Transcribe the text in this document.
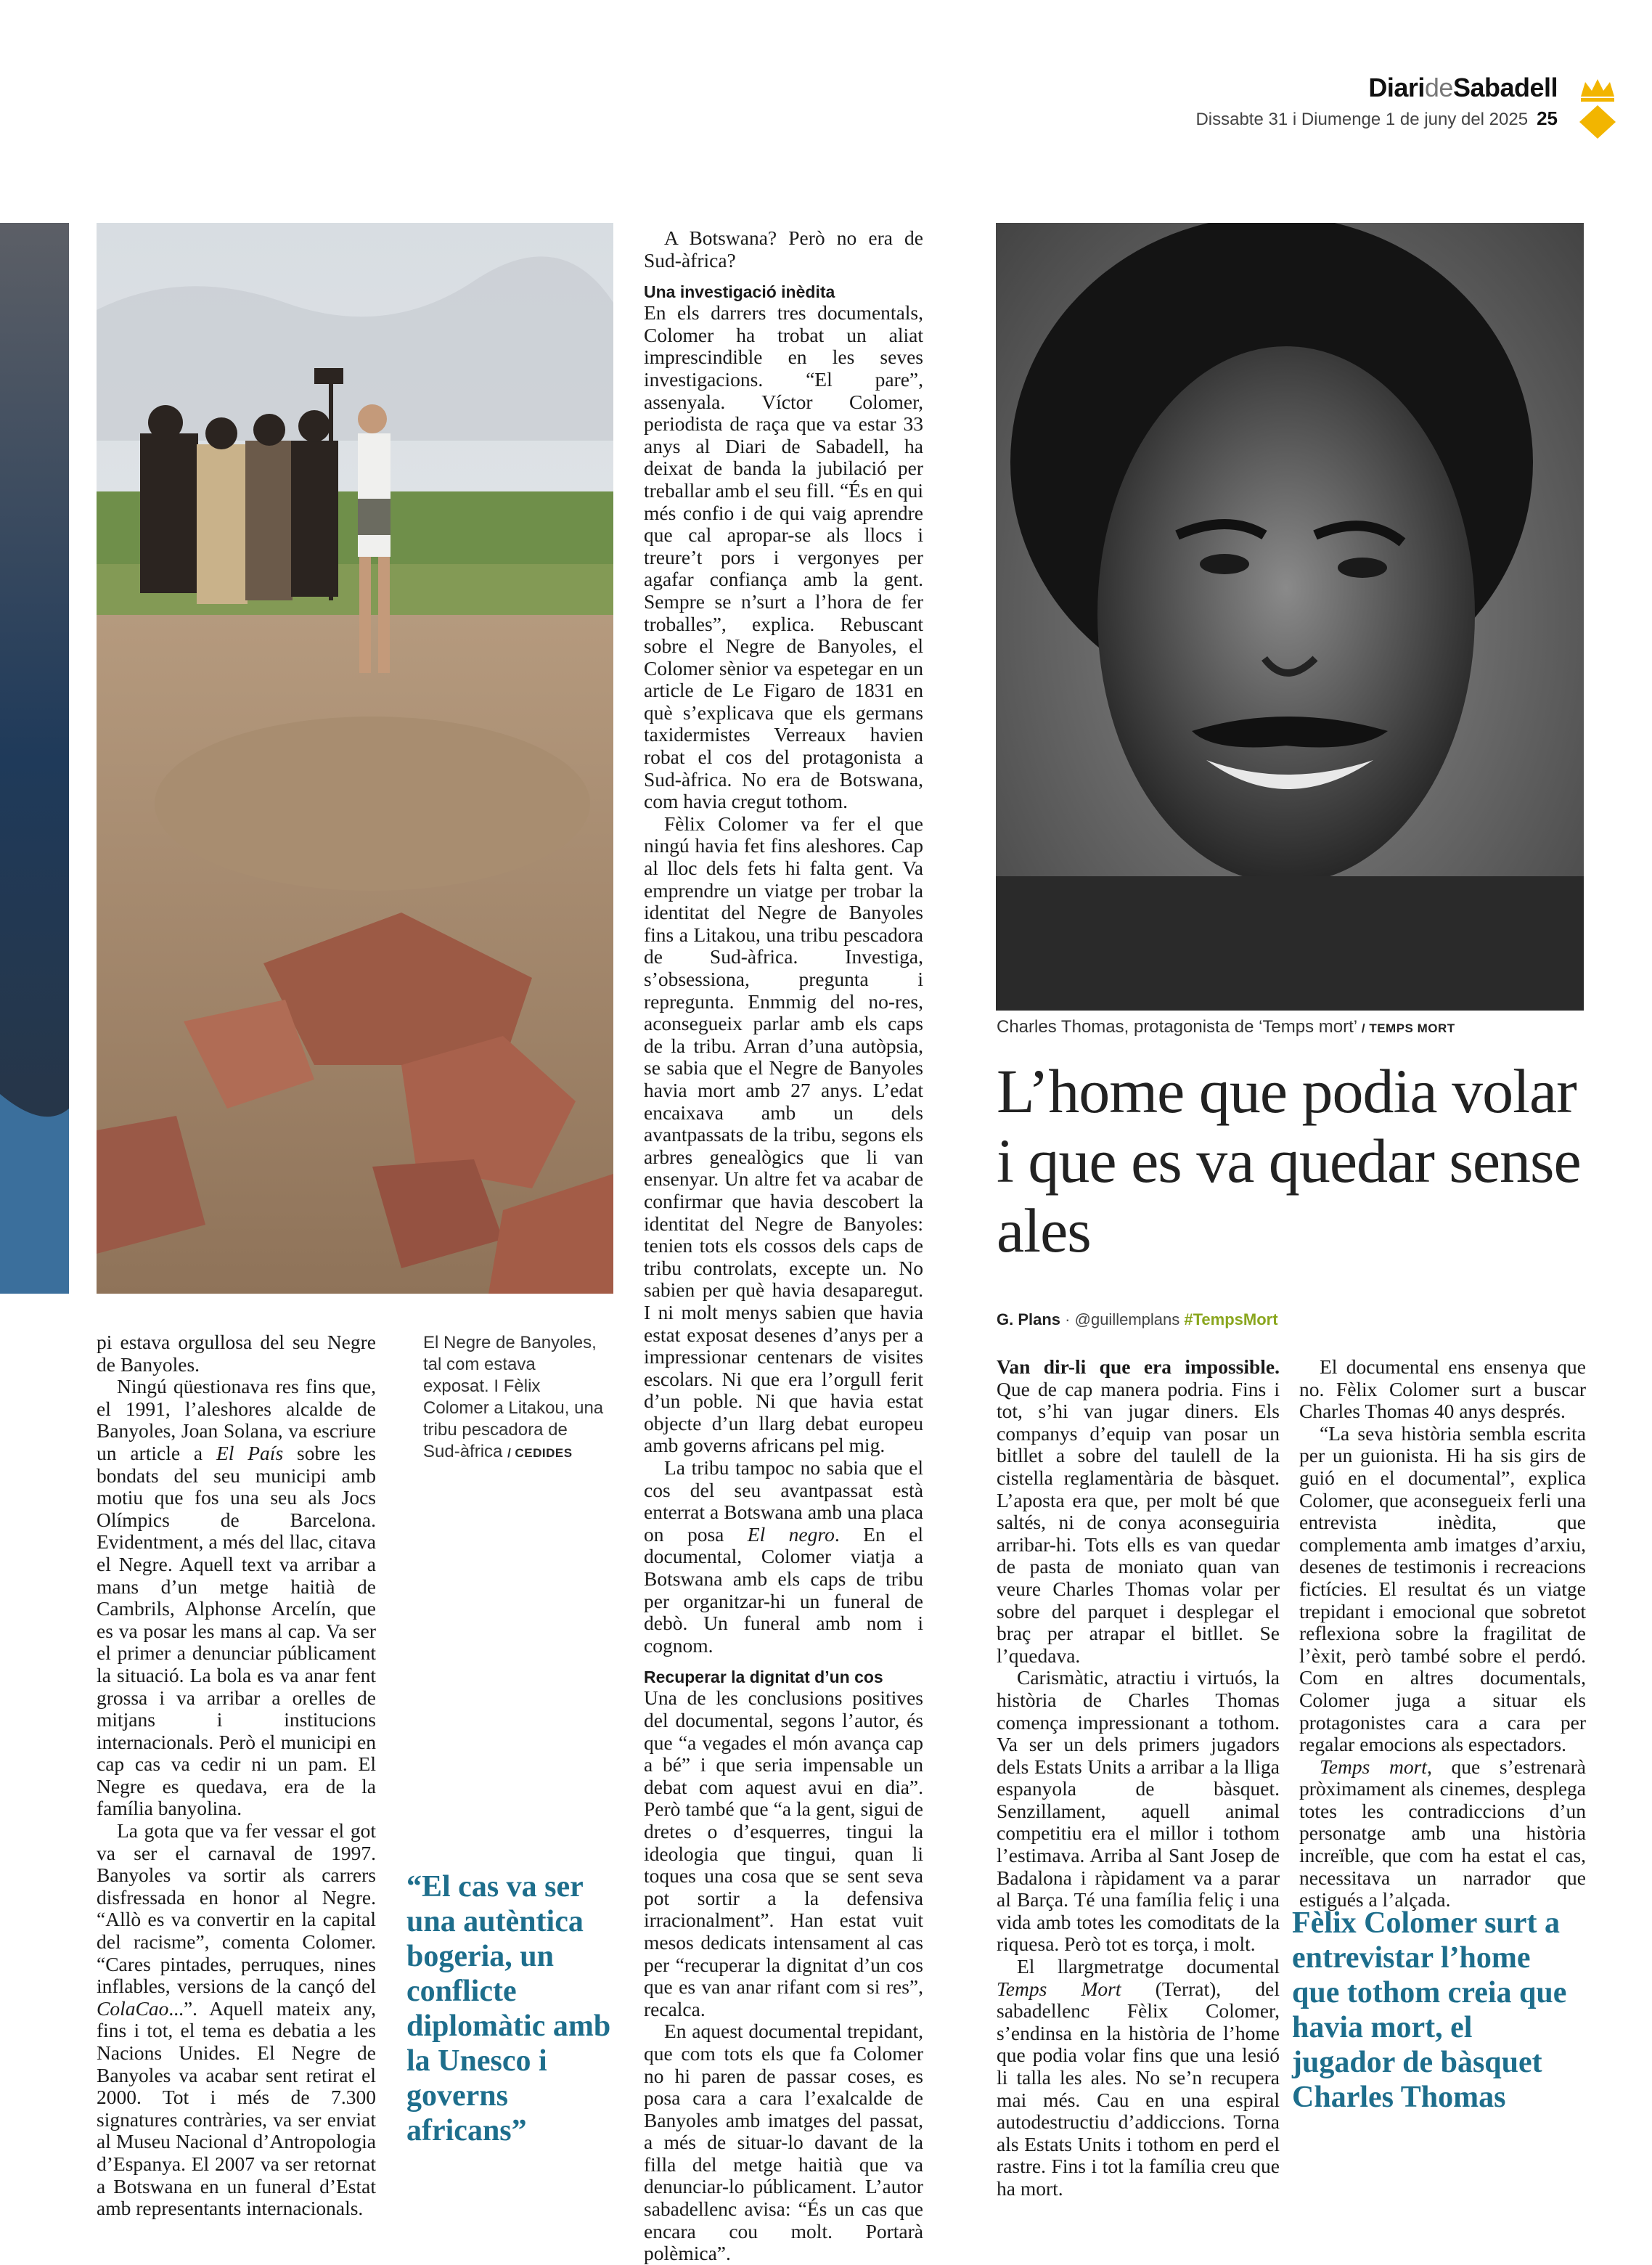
DiarideSabadell
Dissabte 31 i Diumenge 1 de juny del 2025 25
Charles Thomas, protagonista de ‘Temps mort’ / TEMPS MORT
El Negre de Banyoles, tal com estava exposat. I Fèlix Colomer a Litakou, una tribu pescadora de Sud-àfrica / CEDIDES

pi estava orgullosa del seu Negre de Banyoles.

Ningú qüestionava res fins que, el 1991, l’aleshores alcalde de Banyoles, Joan Solana, va escriure un article a El País sobre les bondats del seu municipi amb motiu que fos una seu als Jocs Olímpics de Barcelona. Evidentment, a més del llac, citava el Negre. Aquell text va arribar a mans d’un metge haitià de Cambrils, Alphonse Arcelín, que es va posar les mans al cap. Va ser el primer a denunciar públicament la situació. La bola es va anar fent grossa i va arribar a orelles de mitjans i institucions internacionals. Però el municipi en cap cas va cedir ni un pam. El Negre es quedava, era de la família banyolina.

La gota que va fer vessar el got va ser el carnaval de 1997. Banyoles va sortir als carrers disfressada en honor al Negre. “Allò es va convertir en la capital del racisme”, comenta Colomer. “Cares pintades, perruques, nines inflables, versions de la cançó del ColaCao...”. Aquell mateix any, fins i tot, el tema es debatia a les Nacions Unides. El Negre de Banyoles va acabar sent retirat el 2000. Tot i més de 7.300 signatures contràries, va ser enviat al Museu Nacional d’Antropologia d’Espanya. El 2007 va ser retornat a Botswana en un funeral d’Estat amb representants internacionals.

“El cas va ser una autèntica bogeria, un conflicte diplomàtic amb la Unesco i governs africans”

A Botswana? Però no era de Sud-àfrica?

Una investigació inèdita

En els darrers tres documentals, Colomer ha trobat un aliat imprescindible en les seves investigacions. “El pare”, assenyala. Víctor Colomer, periodista de raça que va estar 33 anys al Diari de Sabadell, ha deixat de banda la jubilació per treballar amb el seu fill. “És en qui més confio i de qui vaig aprendre que cal apropar-se als llocs i treure’t pors i vergonyes per agafar confiança amb la gent. Sempre se n’surt a l’hora de fer troballes”, explica. Rebuscant sobre el Negre de Banyoles, el Colomer sènior va espetegar en un article de Le Figaro de 1831 en què s’explicava que els germans taxidermistes Verreaux havien robat el cos del protagonista a Sud-àfrica. No era de Botswana, com havia cregut tothom.

Fèlix Colomer va fer el que ningú havia fet fins aleshores. Cap al lloc dels fets hi falta gent. Va emprendre un viatge per trobar la identitat del Negre de Banyoles fins a Litakou, una tribu pescadora de Sud-àfrica. Investiga, s’obsessiona, pregunta i repregunta. Enmmig del no-res, aconsegueix parlar amb els caps de la tribu. Arran d’una autòpsia, se sabia que el Negre de Banyoles havia mort amb 27 anys. L’edat encaixava amb un dels avantpassats de la tribu, segons els arbres genealògics que li van ensenyar. Un altre fet va acabar de confirmar que havia descobert la identitat del Negre de Banyoles: tenien tots els cossos dels caps de tribu controlats, excepte un. No sabien per què havia desaparegut. I ni molt menys sabien que havia estat exposat desenes d’anys per a impressionar centenars de visites escolars. Ni que era l’orgull ferit d’un poble. Ni que havia estat objecte d’un llarg debat europeu amb governs africans pel mig.

La tribu tampoc no sabia que el cos del seu avantpassat està enterrat a Botswana amb una placa on posa El negro. En el documental, Colomer viatja a Botswana amb els caps de tribu per organitzar-hi un funeral de debò. Un funeral amb nom i cognom.

Recuperar la dignitat d’un cos

Una de les conclusions positives del documental, segons l’autor, és que “a vegades el món avança cap a bé” i que seria impensable un debat com aquest avui en dia”. Però també que “a la gent, sigui de dretes o d’esquerres, tingui la ideologia que tingui, quan li toques una cosa que se sent seva pot sortir a la defensiva irracionalment”. Han estat vuit mesos dedicats intensament al cas per “recuperar la dignitat d’un cos que es van anar rifant com si res”, recalca.

En aquest documental trepidant, que com tots els que fa Colomer no hi paren de passar coses, es posa cara a cara l’exalcalde de Banyoles amb imatges del passat, a més de situar-lo davant de la filla del metge haitià que va denunciar-lo públicament. L’autor sabadellenc avisa: “És un cas que encara cou molt. Portarà polèmica”.

L’home que podia volar i que es va quedar sense ales
G. Plans · @guillemplans #TempsMort

Van dir-li que era impossible. Que de cap manera podria. Fins i tot, s’hi van jugar diners. Els companys d’equip van posar un bitllet a sobre del taulell de la cistella reglamentària de bàsquet. L’aposta era que, per molt bé que saltés, ni de conya aconseguiria arribar-hi. Tots ells es van quedar de pasta de moniato quan van veure Charles Thomas volar per sobre del parquet i desplegar el braç per atrapar el bitllet. Se l’quedava.

Carismàtic, atractiu i virtuós, la història de Charles Thomas comença impressionant a tothom. Va ser un dels primers jugadors dels Estats Units a arribar a la lliga espanyola de bàsquet. Senzillament, aquell animal competitiu era el millor i tothom l’estimava. Arriba al Sant Josep de Badalona i ràpidament va a parar al Barça. Té una família feliç i una vida amb totes les comoditats de la riquesa. Però tot es torça, i molt.

El llargmetratge documental Temps Mort (Terrat), del sabadellenc Fèlix Colomer, s’endinsa en la història de l’home que podia volar fins que una lesió li talla les ales. No se’n recupera mai més. Cau en una espiral autodestructiu d’addiccions. Torna als Estats Units i tothom en perd el rastre. Fins i tot la família creu que ha mort.

El documental ens ensenya que no. Fèlix Colomer surt a buscar Charles Thomas 40 anys després.

“La seva història sembla escrita per un guionista. Hi ha sis girs de guió en el documental”, explica Colomer, que aconsegueix ferli una entrevista inèdita, que complementa amb imatges d’arxiu, desenes de testimonis i recreacions fictícies. El resultat és un viatge trepidant i emocional que sobretot reflexiona sobre la fragilitat de l’èxit, però també sobre el perdó. Com en altres documentals, Colomer juga a situar els protagonistes cara a cara per regalar emocions als espectadors.

Temps mort, que s’estrenarà pròximament als cinemes, desplega totes les contradiccions d’un personatge amb una història increïble, que com ha estat el cas, necessitava un narrador que estigués a l’alçada.

Fèlix Colomer surt a entrevistar l’home que tothom creia que havia mort, el jugador de bàsquet Charles Thomas
